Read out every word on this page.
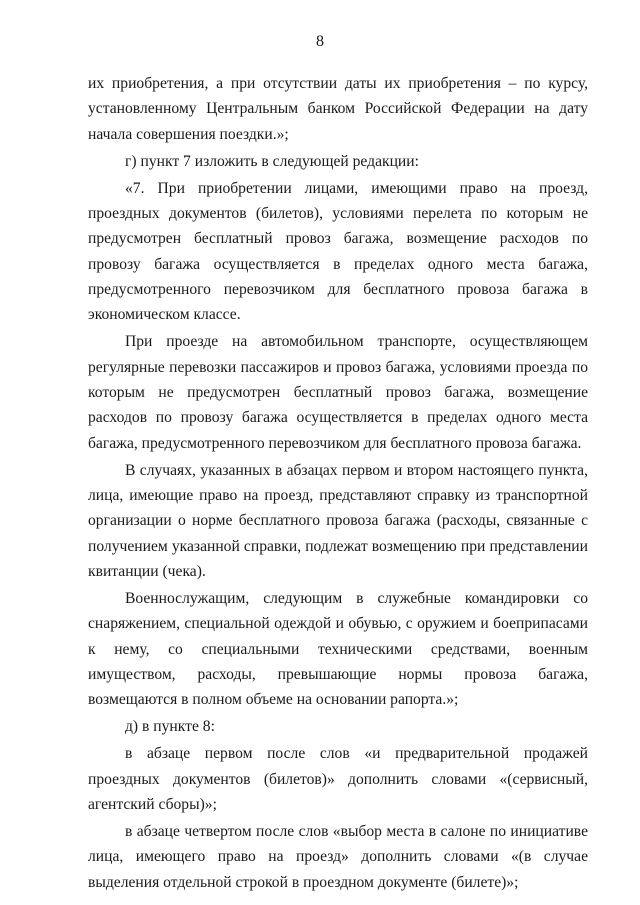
8

их приобретения, а при отсутствии даты их приобретения – по курсу, установленному Центральным банком Российской Федерации на дату начала совершения поездки.»;

г) пункт 7 изложить в следующей редакции:

«7. При приобретении лицами, имеющими право на проезд, проездных документов (билетов), условиями перелета по которым не предусмотрен бесплатный провоз багажа, возмещение расходов по провозу багажа осуществляется в пределах одного места багажа, предусмотренного перевозчиком для бесплатного провоза багажа в экономическом классе.

При проезде на автомобильном транспорте, осуществляющем регулярные перевозки пассажиров и провоз багажа, условиями проезда по которым не предусмотрен бесплатный провоз багажа, возмещение расходов по провозу багажа осуществляется в пределах одного места багажа, предусмотренного перевозчиком для бесплатного провоза багажа.

В случаях, указанных в абзацах первом и втором настоящего пункта, лица, имеющие право на проезд, представляют справку из транспортной организации о норме бесплатного провоза багажа (расходы, связанные с получением указанной справки, подлежат возмещению при представлении квитанции (чека).

Военнослужащим, следующим в служебные командировки со снаряжением, специальной одеждой и обувью, с оружием и боеприпасами к нему, со специальными техническими средствами, военным имуществом, расходы, превышающие нормы провоза багажа, возмещаются в полном объеме на основании рапорта.»;

д) в пункте 8:

в абзаце первом после слов «и предварительной продажей проездных документов (билетов)» дополнить словами «(сервисный, агентский сборы)»;

в абзаце четвертом после слов «выбор места в салоне по инициативе лица, имеющего право на проезд» дополнить словами «(в случае выделения отдельной строкой в проездном документе (билете)»;
